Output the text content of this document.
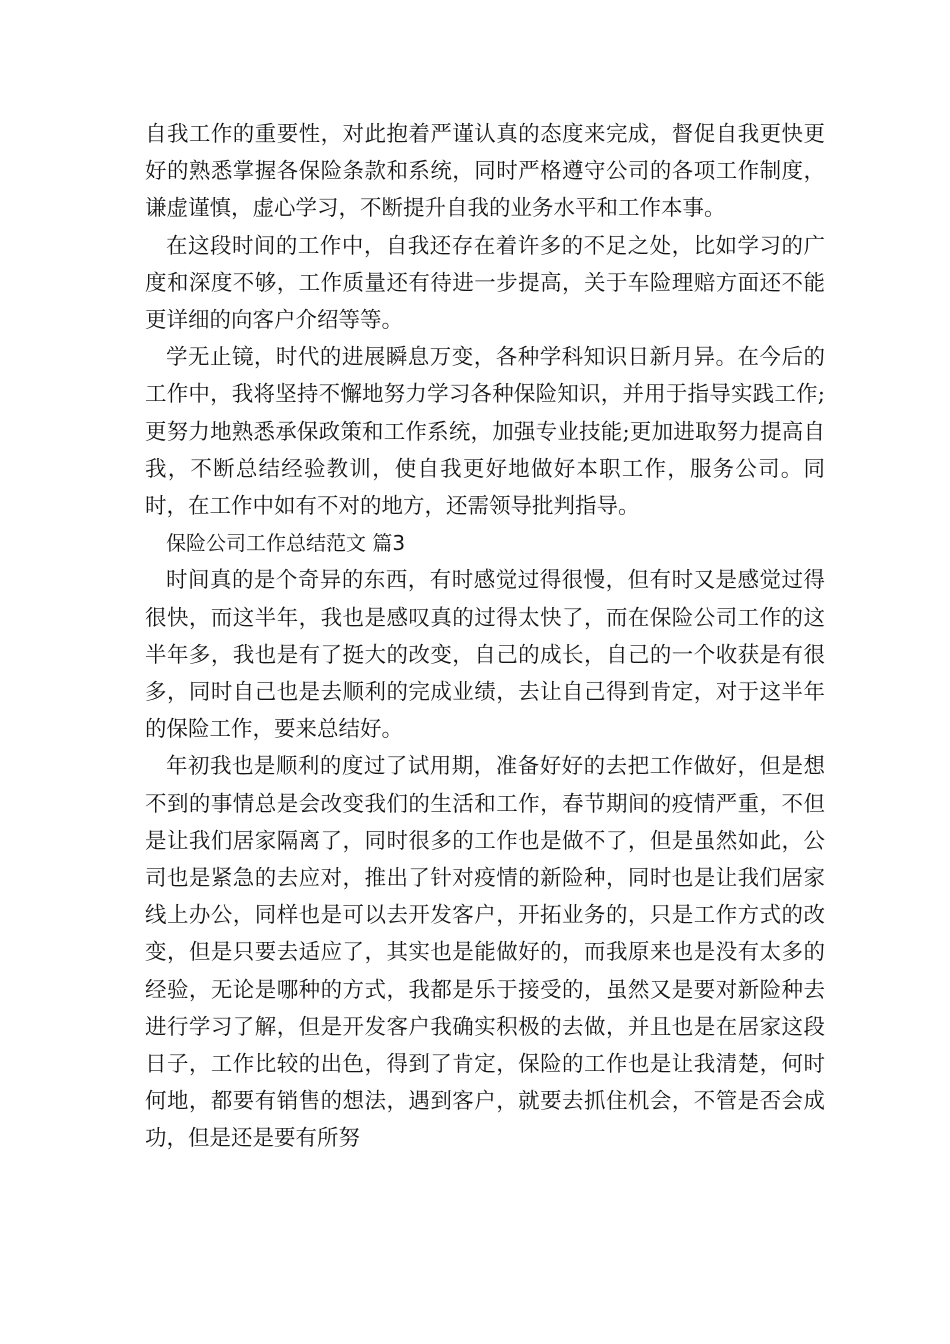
自我工作的重要性，对此抱着严谨认真的态度来完成，督促自我更快更好的熟悉掌握各保险条款和系统，同时严格遵守公司的各项工作制度，谦虚谨慎，虚心学习，不断提升自我的业务水平和工作本事。

在这段时间的工作中，自我还存在着许多的不足之处，比如学习的广度和深度不够，工作质量还有待进一步提高，关于车险理赔方面还不能更详细的向客户介绍等等。

学无止镜，时代的进展瞬息万变，各种学科知识日新月异。在今后的工作中，我将坚持不懈地努力学习各种保险知识，并用于指导实践工作;更努力地熟悉承保政策和工作系统，加强专业技能;更加进取努力提高自我，不断总结经验教训，使自我更好地做好本职工作，服务公司。同时，在工作中如有不对的地方，还需领导批判指导。

保险公司工作总结范文 篇3

时间真的是个奇异的东西，有时感觉过得很慢，但有时又是感觉过得很快，而这半年，我也是感叹真的过得太快了，而在保险公司工作的这半年多，我也是有了挺大的改变，自己的成长，自己的一个收获是有很多，同时自己也是去顺利的完成业绩，去让自己得到肯定，对于这半年的保险工作，要来总结好。

年初我也是顺利的度过了试用期，准备好好的去把工作做好，但是想不到的事情总是会改变我们的生活和工作，春节期间的疫情严重，不但是让我们居家隔离了，同时很多的工作也是做不了，但是虽然如此，公司也是紧急的去应对，推出了针对疫情的新险种，同时也是让我们居家线上办公，同样也是可以去开发客户，开拓业务的，只是工作方式的改变，但是只要去适应了，其实也是能做好的，而我原来也是没有太多的经验，无论是哪种的方式，我都是乐于接受的，虽然又是要对新险种去进行学习了解，但是开发客户我确实积极的去做，并且也是在居家这段日子，工作比较的出色，得到了肯定，保险的工作也是让我清楚，何时何地，都要有销售的想法，遇到客户，就要去抓住机会，不管是否会成功，但是还是要有所努
